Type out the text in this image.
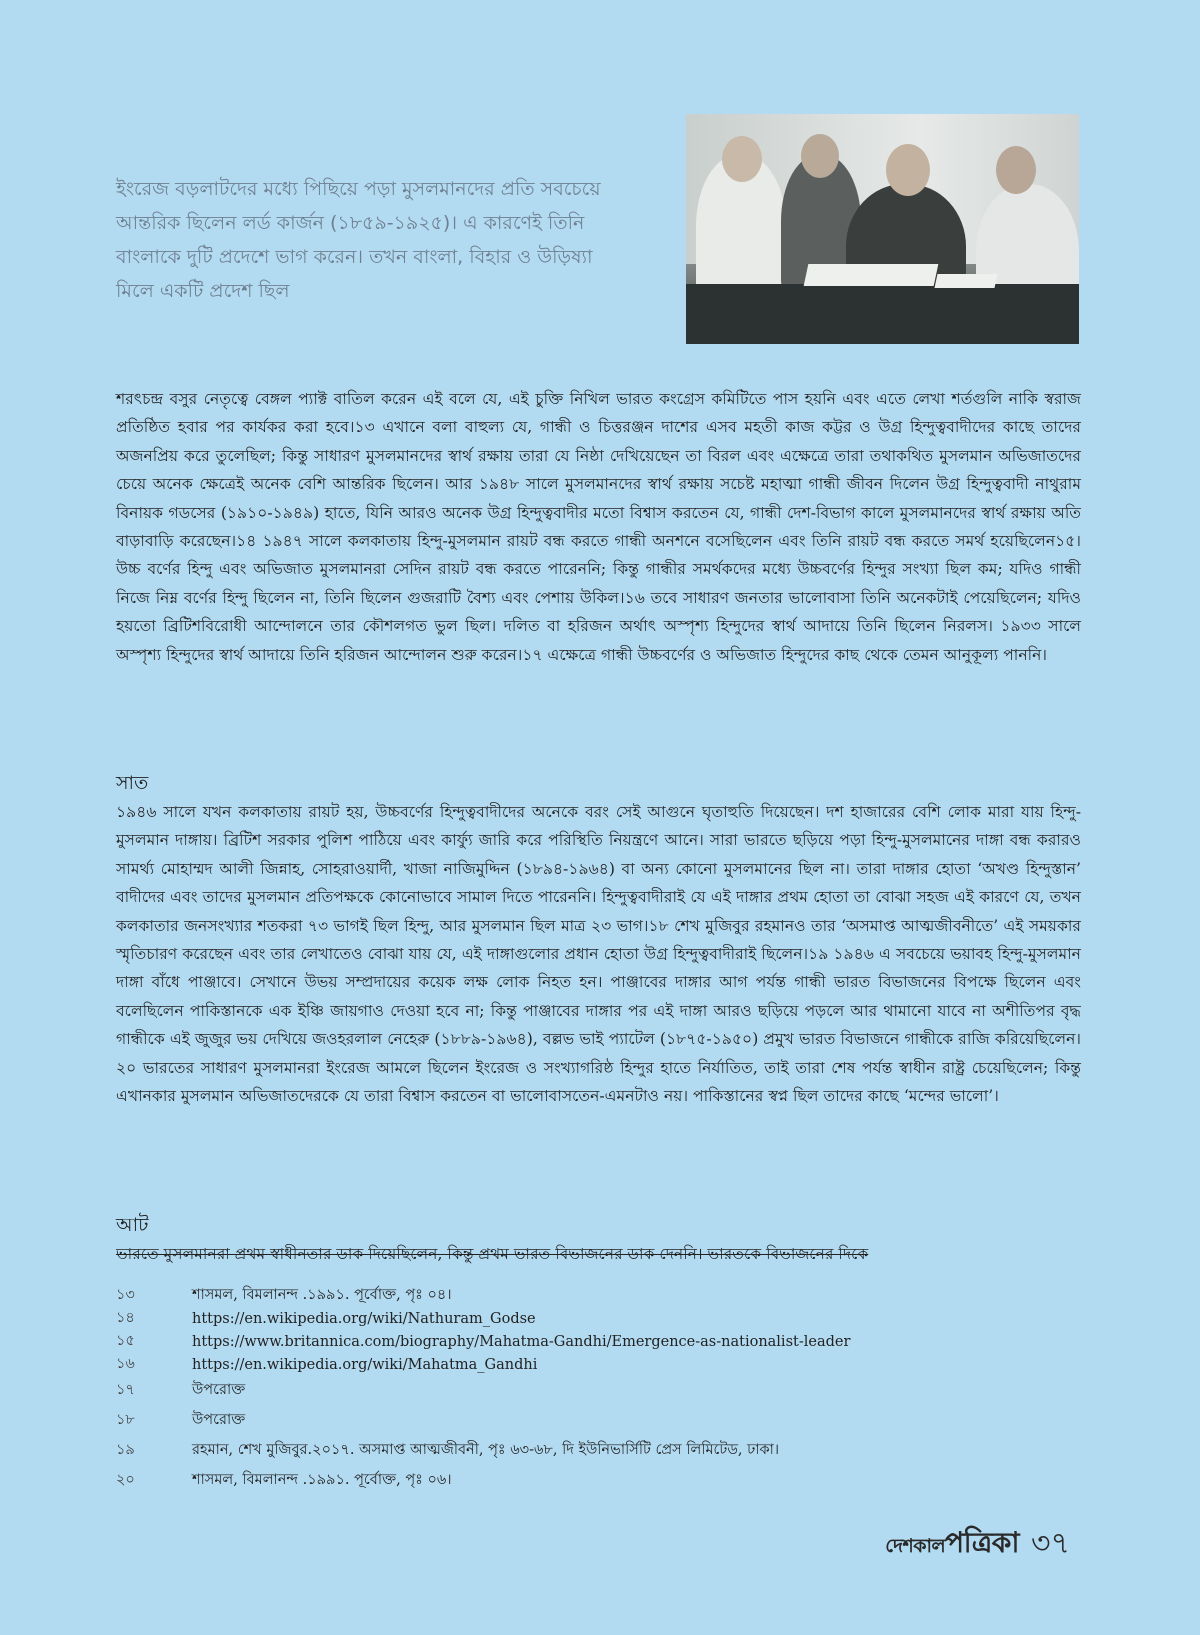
ইংরেজ বড়লাটদের মধ্যে পিছিয়ে পড়া মুসলমানদের প্রতি সবচেয়ে আন্তরিক ছিলেন লর্ড কার্জন (১৮৫৯-১৯২৫)। এ কারণেই তিনি বাংলাকে দুটি প্রদেশে ভাগ করেন। তখন বাংলা, বিহার ও উড়িষ্যা মিলে একটি প্রদেশ ছিল

শরৎচন্দ্র বসুর নেতৃত্বে বেঙ্গল প্যাক্ট বাতিল করেন এই বলে যে, এই চুক্তি নিখিল ভারত কংগ্রেস কমিটিতে পাস হয়নি এবং এতে লেখা শর্তগুলি নাকি স্বরাজ প্রতিষ্ঠিত হবার পর কার্যকর করা হবে।১৩ এখানে বলা বাহুল্য যে, গান্ধী ও চিত্তরঞ্জন দাশের এসব মহতী কাজ কট্টর ও উগ্র হিন্দুত্ববাদীদের কাছে তাদের অজনপ্রিয় করে তুলেছিল; কিন্তু সাধারণ মুসলমানদের স্বার্থ রক্ষায় তারা যে নিষ্ঠা দেখিয়েছেন তা বিরল এবং এক্ষেত্রে তারা তথাকথিত মুসলমান অভিজাতদের চেয়ে অনেক ক্ষেত্রেই অনেক বেশি আন্তরিক ছিলেন। আর ১৯৪৮ সালে মুসলমানদের স্বার্থ রক্ষায় সচেষ্ট মহাত্মা গান্ধী জীবন দিলেন উগ্র হিন্দুত্ববাদী নাথুরাম বিনায়ক গডসের (১৯১০-১৯৪৯) হাতে, যিনি আরও অনেক উগ্র হিন্দুত্ববাদীর মতো বিশ্বাস করতেন যে, গান্ধী দেশ-বিভাগ কালে মুসলমানদের স্বার্থ রক্ষায় অতি বাড়াবাড়ি করেছেন।১৪ ১৯৪৭ সালে কলকাতায় হিন্দু-মুসলমান রায়ট বন্ধ করতে গান্ধী অনশনে বসেছিলেন এবং তিনি রায়ট বন্ধ করতে সমর্থ হয়েছিলেন১৫। উচ্চ বর্ণের হিন্দু এবং অভিজাত মুসলমানরা সেদিন রায়ট বন্ধ করতে পারেননি; কিন্তু গান্ধীর সমর্থকদের মধ্যে উচ্চবর্ণের হিন্দুর সংখ্যা ছিল কম; যদিও গান্ধী নিজে নিম্ন বর্ণের হিন্দু ছিলেন না, তিনি ছিলেন গুজরাটি বৈশ্য এবং পেশায় উকিল।১৬ তবে সাধারণ জনতার ভালোবাসা তিনি অনেকটাই পেয়েছিলেন; যদিও হয়তো ব্রিটিশবিরোধী আন্দোলনে তার কৌশলগত ভুল ছিল। দলিত বা হরিজন অর্থাৎ অস্পৃশ্য হিন্দুদের স্বার্থ আদায়ে তিনি ছিলেন নিরলস। ১৯৩৩ সালে অস্পৃশ্য হিন্দুদের স্বার্থ আদায়ে তিনি হরিজন আন্দোলন শুরু করেন।১৭ এক্ষেত্রে গান্ধী উচ্চবর্ণের ও অভিজাত হিন্দুদের কাছ থেকে তেমন আনুকূল্য পাননি।

সাত

১৯৪৬ সালে যখন কলকাতায় রায়ট হয়, উচ্চবর্ণের হিন্দুত্ববাদীদের অনেকে বরং সেই আগুনে ঘৃতাহুতি দিয়েছেন। দশ হাজারের বেশি লোক মারা যায় হিন্দু-মুসলমান দাঙ্গায়। ব্রিটিশ সরকার পুলিশ পাঠিয়ে এবং কার্ফ্যু জারি করে পরিস্থিতি নিয়ন্ত্রণে আনে। সারা ভারতে ছড়িয়ে পড়া হিন্দু-মুসলমানের দাঙ্গা বন্ধ করারও সামর্থ্য মোহাম্মদ আলী জিন্নাহ, সোহরাওয়ার্দী, খাজা নাজিমুদ্দিন (১৮৯৪-১৯৬৪) বা অন্য কোনো মুসলমানের ছিল না। তারা দাঙ্গার হোতা ‘অখণ্ড হিন্দুস্তান’ বাদীদের এবং তাদের মুসলমান প্রতিপক্ষকে কোনোভাবে সামাল দিতে পারেননি। হিন্দুত্ববাদীরাই যে এই দাঙ্গার প্রথম হোতা তা বোঝা সহজ এই কারণে যে, তখন কলকাতার জনসংখ্যার শতকরা ৭৩ ভাগই ছিল হিন্দু, আর মুসলমান ছিল মাত্র ২৩ ভাগ।১৮ শেখ মুজিবুর রহমানও তার ‘অসমাপ্ত আত্মজীবনীতে’ এই সময়কার স্মৃতিচারণ করেছেন এবং তার লেখাতেও বোঝা যায় যে, এই দাঙ্গাগুলোর প্রধান হোতা উগ্র হিন্দুত্ববাদীরাই ছিলেন।১৯ ১৯৪৬ এ সবচেয়ে ভয়াবহ হিন্দু-মুসলমান দাঙ্গা বাঁধে পাঞ্জাবে। সেখানে উভয় সম্প্রদায়ের কয়েক লক্ষ লোক নিহত হন। পাঞ্জাবের দাঙ্গার আগ পর্যন্ত গান্ধী ভারত বিভাজনের বিপক্ষে ছিলেন এবং বলেছিলেন পাকিস্তানকে এক ইঞ্চি জায়গাও দেওয়া হবে না; কিন্তু পাঞ্জাবের দাঙ্গার পর এই দাঙ্গা আরও ছড়িয়ে পড়লে আর থামানো যাবে না অশীতিপর বৃদ্ধ গান্ধীকে এই জুজুর ভয় দেখিয়ে জওহরলাল নেহেরু (১৮৮৯-১৯৬৪), বল্লভ ভাই প্যাটেল (১৮৭৫-১৯৫০) প্রমুখ ভারত বিভাজনে গান্ধীকে রাজি করিয়েছিলেন।২০ ভারতের সাধারণ মুসলমানরা ইংরেজ আমলে ছিলেন ইংরেজ ও সংখ্যাগরিষ্ঠ হিন্দুর হাতে নির্যাতিত, তাই তারা শেষ পর্যন্ত স্বাধীন রাষ্ট্র চেয়েছিলেন; কিন্তু এখানকার মুসলমান অভিজাতদেরকে যে তারা বিশ্বাস করতেন বা ভালোবাসতেন-এমনটাও নয়। পাকিস্তানের স্বপ্ন ছিল তাদের কাছে ‘মন্দের ভালো’।

আট

ভারতে মুসলমানরা প্রথম স্বাধীনতার ডাক দিয়েছিলেন, কিন্তু প্রথম ভারত বিভাজনের ডাক দেননি। ভারতকে বিভাজনের দিকে
১৩	শাসমল, বিমলানন্দ .১৯৯১. পূর্বোক্ত, পৃঃ ০৪।
১৪	https://en.wikipedia.org/wiki/Nathuram_Godse
১৫	https://www.britannica.com/biography/Mahatma-Gandhi/Emergence-as-nationalist-leader
১৬	https://en.wikipedia.org/wiki/Mahatma_Gandhi
১৭	উপরোক্ত
১৮	উপরোক্ত
১৯	রহমান, শেখ মুজিবুর.২০১৭. অসমাপ্ত আত্মজীবনী, পৃঃ ৬৩-৬৮, দি ইউনিভার্সিটি প্রেস লিমিটেড, ঢাকা।
২০	শাসমল, বিমলানন্দ .১৯৯১. পূর্বোক্ত, পৃঃ ০৬।
দেশকালপত্রিকা ৩৭
